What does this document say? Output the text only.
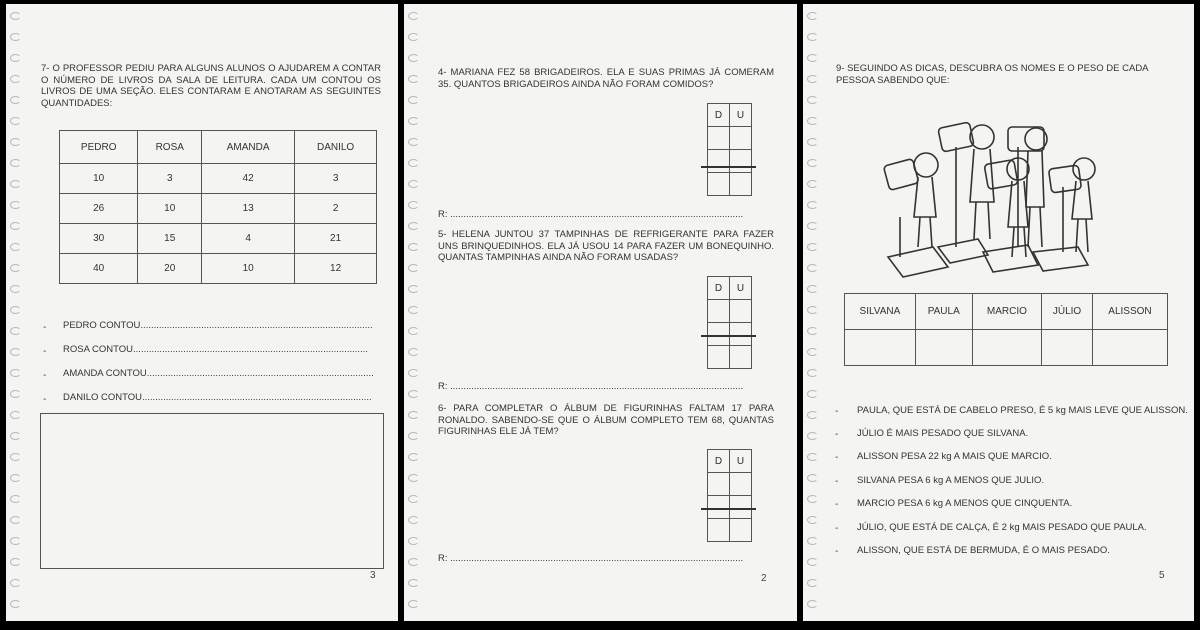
7- O PROFESSOR PEDIU PARA ALGUNS ALUNOS O AJUDAREM A CONTAR O NÚMERO DE LIVROS DA SALA DE LEITURA. CADA UM CONTOU OS LIVROS DE UMA SEÇÃO. ELES CONTARAM E ANOTARAM AS SEGUINTES QUANTIDADES:
PEDRO	ROSA	AMANDA	DANILO
10	3	42	3
26	10	13	2
30	15	4	21
40	20	10	12
- PEDRO CONTOU........................................................................................
- ROSA CONTOU.........................................................................................
- AMANDA CONTOU......................................................................................
- DANILO CONTOU.......................................................................................
3
4- MARIANA FEZ 58 BRIGADEIROS. ELA E SUAS PRIMAS JÁ COMERAM 35. QUANTOS BRIGADEIROS AINDA NÃO FORAM COMIDOS?
D	U

R: ...............................................................................................................
5- HELENA JUNTOU 37 TAMPINHAS DE REFRIGERANTE PARA FAZER UNS BRINQUEDINHOS. ELA JÁ USOU 14 PARA FAZER UM BONEQUINHO. QUANTAS TAMPINHAS AINDA NÃO FORAM USADAS?
D	U

R: ...............................................................................................................
6- PARA COMPLETAR O ÁLBUM DE FIGURINHAS FALTAM 17 PARA RONALDO. SABENDO-SE QUE O ÁLBUM COMPLETO TEM 68, QUANTAS FIGURINHAS ELE JÁ TEM?
D	U

R: ...............................................................................................................
2
9- SEGUINDO AS DICAS, DESCUBRA OS NOMES E O PESO DE CADA PESSOA SABENDO QUE:
SILVANA	PAULA	MARCIO	JÚLIO	ALISSON

- PAULA, QUE ESTÁ DE CABELO PRESO, É 5 kg MAIS LEVE QUE ALISSON.
- JÚLIO É MAIS PESADO QUE SILVANA.
- ALISSON PESA 22 kg A MAIS QUE MARCIO.
- SILVANA PESA 6 kg A MENOS QUE JULIO.
- MARCIO PESA 6 kg A MENOS QUE CINQUENTA.
- JÚLIO, QUE ESTÁ DE CALÇA, É 2 kg MAIS PESADO QUE PAULA.
- ALISSON, QUE ESTÁ DE BERMUDA, É O MAIS PESADO.
5
